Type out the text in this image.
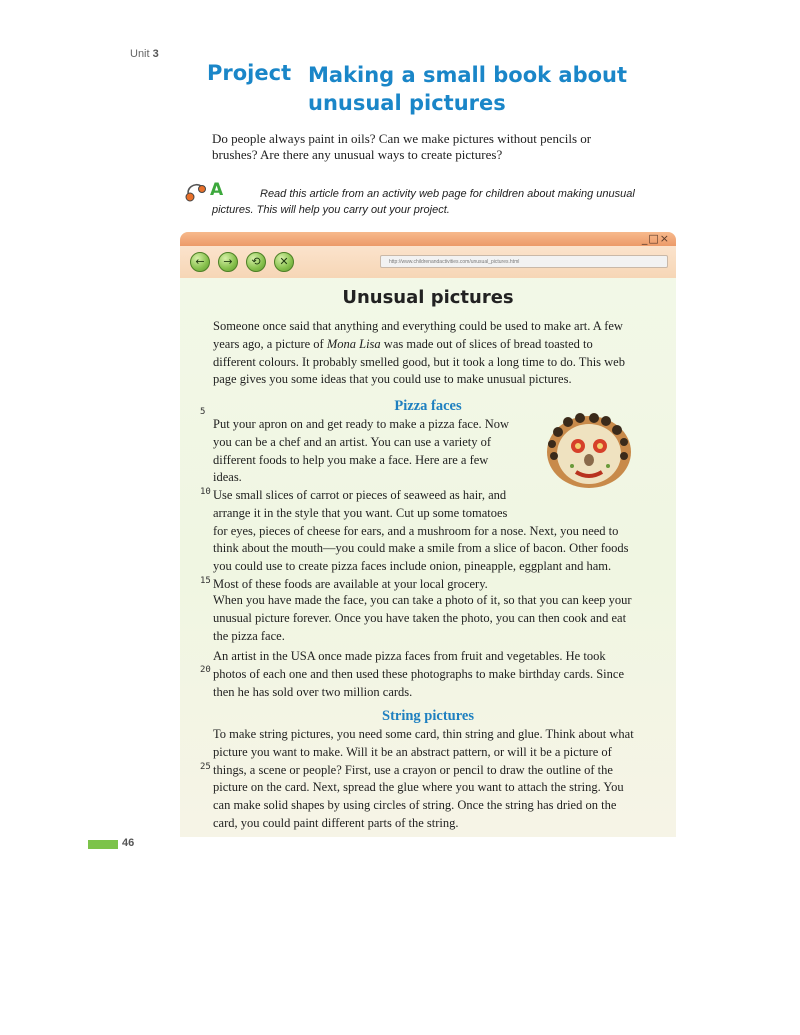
Unit 3
Project Making a small book about unusual pictures
Do people always paint in oils? Can we make pictures without pencils or brushes? Are there any unusual ways to create pictures?
A	Read this article from an activity web page for children about making unusual pictures. This will help you carry out your project.
_□×
←	→	⟲	✕	http://www.childrenandactivities.com/unusual_pictures.html
Unusual pictures
Someone once said that anything and everything could be used to make art. A few
years ago, a picture of Mona Lisa was made out of slices of bread toasted to
different colours. It probably smelled good, but it took a long time to do. This web
page gives you some ideas that you could use to make unusual pictures.
Pizza faces
Put your apron on and get ready to make a pizza face. Now
you can be a chef and an artist. You can use a variety of
different foods to help you make a face. Here are a few
ideas.
Use small slices of carrot or pieces of seaweed as hair, and
arrange it in the style that you want. Cut up some tomatoes
for eyes, pieces of cheese for ears, and a mushroom for a nose. Next, you need to
think about the mouth—you could make a smile from a slice of bacon. Other foods
you could use to create pizza faces include onion, pineapple, eggplant and ham.
Most of these foods are available at your local grocery.
When you have made the face, you can take a photo of it, so that you can keep your
unusual picture forever. Once you have taken the photo, you can then cook and eat
the pizza face.
An artist in the USA once made pizza faces from fruit and vegetables. He took
photos of each one and then used these photographs to make birthday cards. Since
then he has sold over two million cards.
String pictures
To make string pictures, you need some card, thin string and glue. Think about what
picture you want to make. Will it be an abstract pattern, or will it be a picture of
things, a scene or people? First, use a crayon or pencil to draw the outline of the
picture on the card. Next, spread the glue where you want to attach the string. You
can make solid shapes by using circles of string. Once the string has dried on the
card, you could paint different parts of the string.
5
10
15
20
25
46
